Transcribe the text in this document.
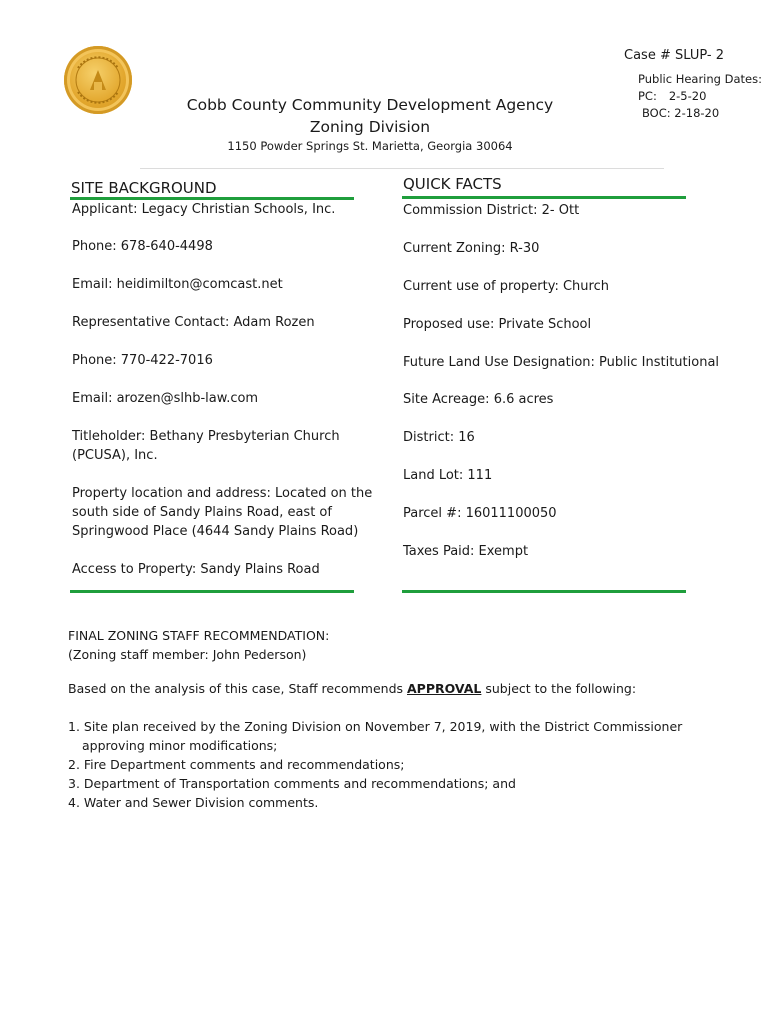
Case # SLUP- 2
Public Hearing Dates:
PC: 2-5-20
BOC: 2-18-20
Cobb County Community Development Agency
Zoning Division
1150 Powder Springs St. Marietta, Georgia 30064
SITE BACKGROUND
Applicant: Legacy Christian Schools, Inc.
Phone: 678-640-4498
Email: heidimilton@comcast.net
Representative Contact: Adam Rozen
Phone: 770-422-7016
Email: arozen@slhb-law.com
Titleholder: Bethany Presbyterian Church
(PCUSA), Inc.
Property location and address: Located on the
south side of Sandy Plains Road, east of
Springwood Place (4644 Sandy Plains Road)
Access to Property: Sandy Plains Road
QUICK FACTS
Commission District: 2- Ott
Current Zoning: R-30
Current use of property: Church
Proposed use: Private School
Future Land Use Designation: Public Institutional
Site Acreage: 6.6 acres
District: 16
Land Lot: 111
Parcel #: 16011100050
Taxes Paid: Exempt
FINAL ZONING STAFF RECOMMENDATION:
(Zoning staff member: John Pederson)
Based on the analysis of this case, Staff recommends APPROVAL subject to the following:
1. Site plan received by the Zoning Division on November 7, 2019, with the District Commissioner
approving minor modifications;
2. Fire Department comments and recommendations;
3. Department of Transportation comments and recommendations; and
4. Water and Sewer Division comments.
